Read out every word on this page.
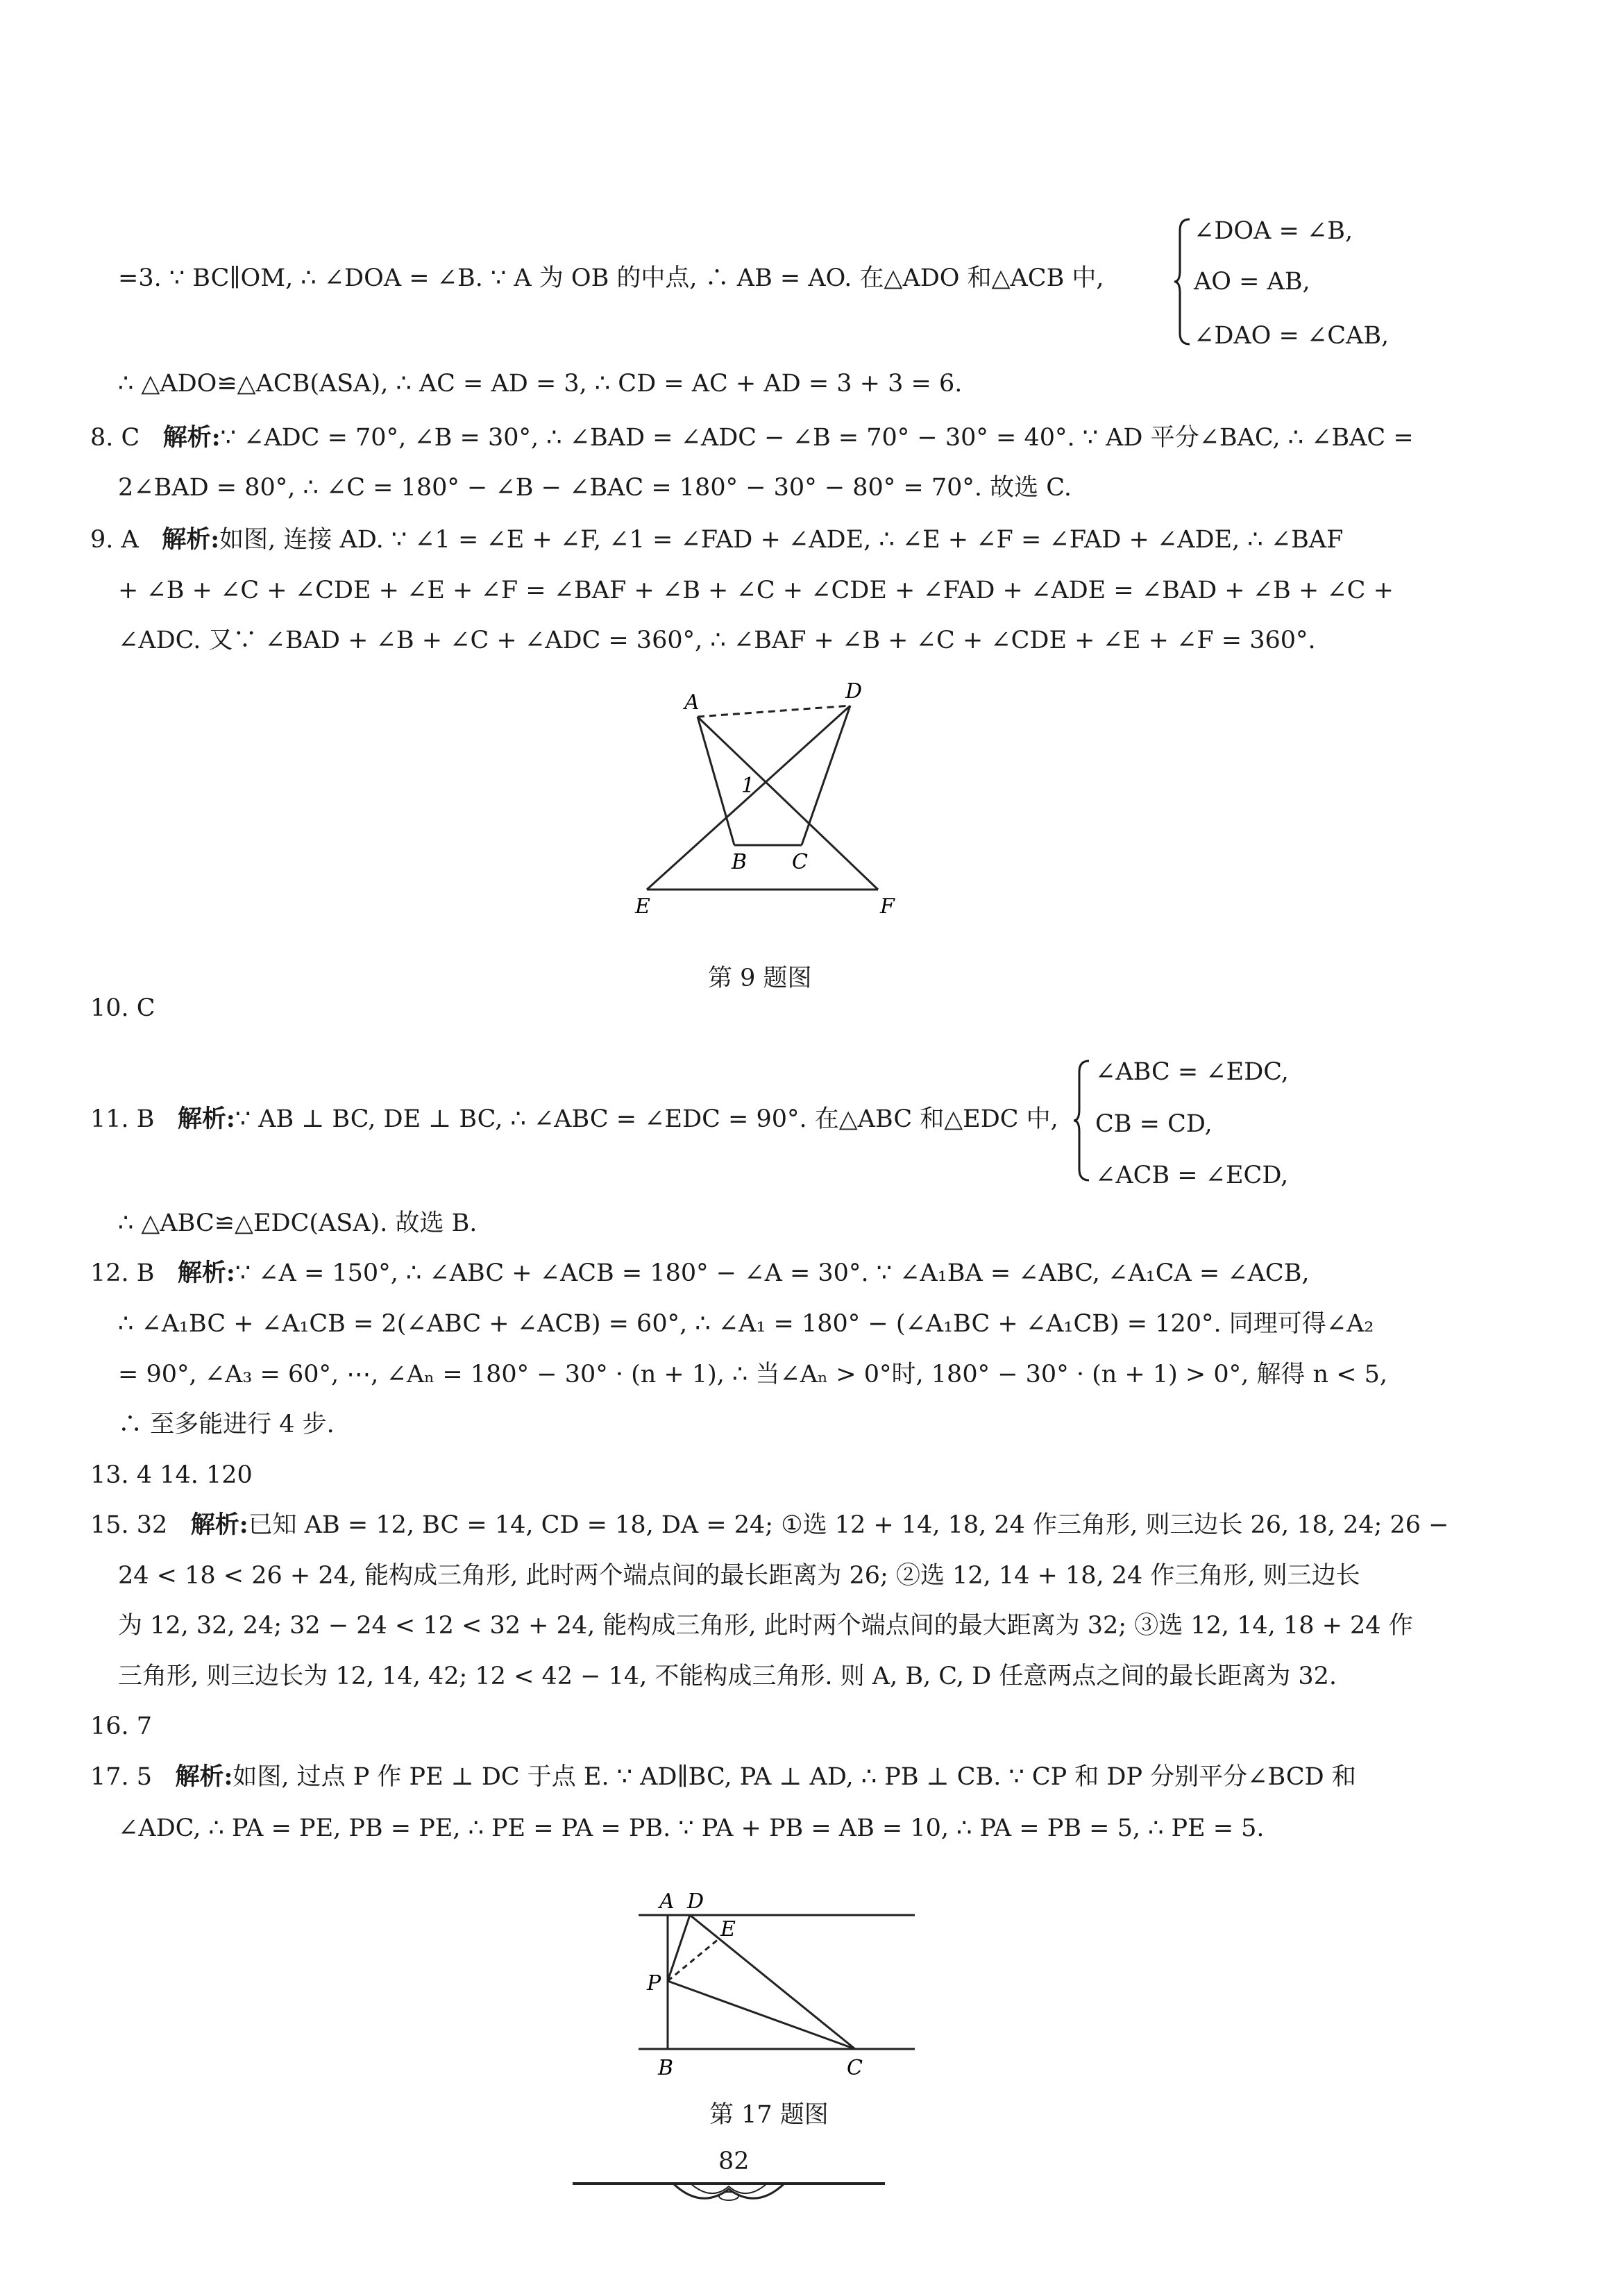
=3. ∵ BC∥OM, ∴ ∠DOA = ∠B. ∵ A 为 OB 的中点, ∴ AB = AO. 在△ADO 和△ACB 中,
∠DOA = ∠B,
AO = AB,
∠DAO = ∠CAB,
∴ △ADO≌△ACB(ASA), ∴ AC = AD = 3, ∴ CD = AC + AD = 3 + 3 = 6.
8. C 解析:∵ ∠ADC = 70°, ∠B = 30°, ∴ ∠BAD = ∠ADC − ∠B = 70° − 30° = 40°. ∵ AD 平分∠BAC, ∴ ∠BAC =
2∠BAD = 80°, ∴ ∠C = 180° − ∠B − ∠BAC = 180° − 30° − 80° = 70°. 故选 C.
9. A 解析:如图, 连接 AD. ∵ ∠1 = ∠E + ∠F, ∠1 = ∠FAD + ∠ADE, ∴ ∠E + ∠F = ∠FAD + ∠ADE, ∴ ∠BAF
+ ∠B + ∠C + ∠CDE + ∠E + ∠F = ∠BAF + ∠B + ∠C + ∠CDE + ∠FAD + ∠ADE = ∠BAD + ∠B + ∠C +
∠ADC. 又∵ ∠BAD + ∠B + ∠C + ∠ADC = 360°, ∴ ∠BAF + ∠B + ∠C + ∠CDE + ∠E + ∠F = 360°.
A	D
1
B C
E	F
第 9 题图
10. C
11. B 解析:∵ AB ⊥ BC, DE ⊥ BC, ∴ ∠ABC = ∠EDC = 90°. 在△ABC 和△EDC 中,
∠ABC = ∠EDC,
CB = CD,
∠ACB = ∠ECD,
∴ △ABC≌△EDC(ASA). 故选 B.
12. B 解析:∵ ∠A = 150°, ∴ ∠ABC + ∠ACB = 180° − ∠A = 30°. ∵ ∠A₁BA = ∠ABC, ∠A₁CA = ∠ACB,
∴ ∠A₁BC + ∠A₁CB = 2(∠ABC + ∠ACB) = 60°, ∴ ∠A₁ = 180° − (∠A₁BC + ∠A₁CB) = 120°. 同理可得∠A₂
= 90°, ∠A₃ = 60°, ⋯, ∠Aₙ = 180° − 30° · (n + 1), ∴ 当∠Aₙ > 0°时, 180° − 30° · (n + 1) > 0°, 解得 n < 5,
∴ 至多能进行 4 步.
13. 4 14. 120
15. 32 解析:已知 AB = 12, BC = 14, CD = 18, DA = 24; ①选 12 + 14, 18, 24 作三角形, 则三边长 26, 18, 24; 26 −
24 < 18 < 26 + 24, 能构成三角形, 此时两个端点间的最长距离为 26; ②选 12, 14 + 18, 24 作三角形, 则三边长
为 12, 32, 24; 32 − 24 < 12 < 32 + 24, 能构成三角形, 此时两个端点间的最大距离为 32; ③选 12, 14, 18 + 24 作
三角形, 则三边长为 12, 14, 42; 12 < 42 − 14, 不能构成三角形. 则 A, B, C, D 任意两点之间的最长距离为 32.
16. 7
17. 5 解析:如图, 过点 P 作 PE ⊥ DC 于点 E. ∵ AD∥BC, PA ⊥ AD, ∴ PB ⊥ CB. ∵ CP 和 DP 分别平分∠BCD 和
∠ADC, ∴ PA = PE, PB = PE, ∴ PE = PA = PB. ∵ PA + PB = AB = 10, ∴ PA = PB = 5, ∴ PE = 5.
A D
E
P
B	C
第 17 题图
82
